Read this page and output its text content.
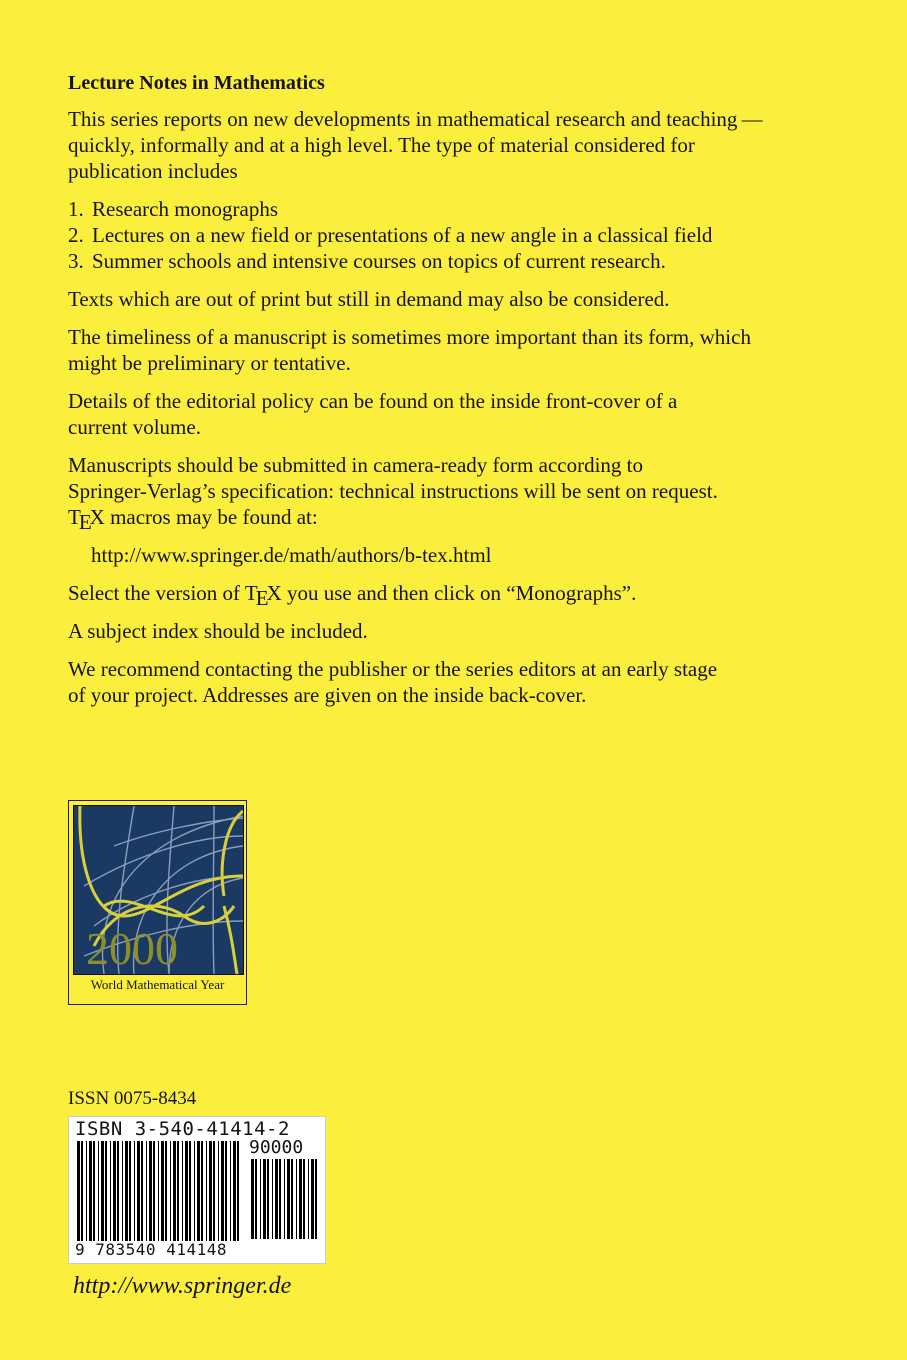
Lecture Notes in Mathematics

This series reports on new developments in mathematical research and teaching — quickly, informally and at a high level. The type of material considered for publication includes

1. Research monographs
2. Lectures on a new field or presentations of a new angle in a classical field
3. Summer schools and intensive courses on topics of current research.

Texts which are out of print but still in demand may also be considered.

The timeliness of a manuscript is sometimes more important than its form, which might be preliminary or tentative.

Details of the editorial policy can be found on the inside front-cover of a current volume.

Manuscripts should be submitted in camera-ready form according to Springer-Verlag’s specification: technical instructions will be sent on request. TEX macros may be found at:

http://www.springer.de/math/authors/b-tex.html

Select the version of TEX you use and then click on “Monographs”.

A subject index should be included.

We recommend contacting the publisher or the series editors at an early stage of your project. Addresses are given on the inside back-cover.

2000
World Mathematical Year
ISSN 0075-8434
ISBN 3-540-41414-2
90000
9 783540 414148
http://www.springer.de
